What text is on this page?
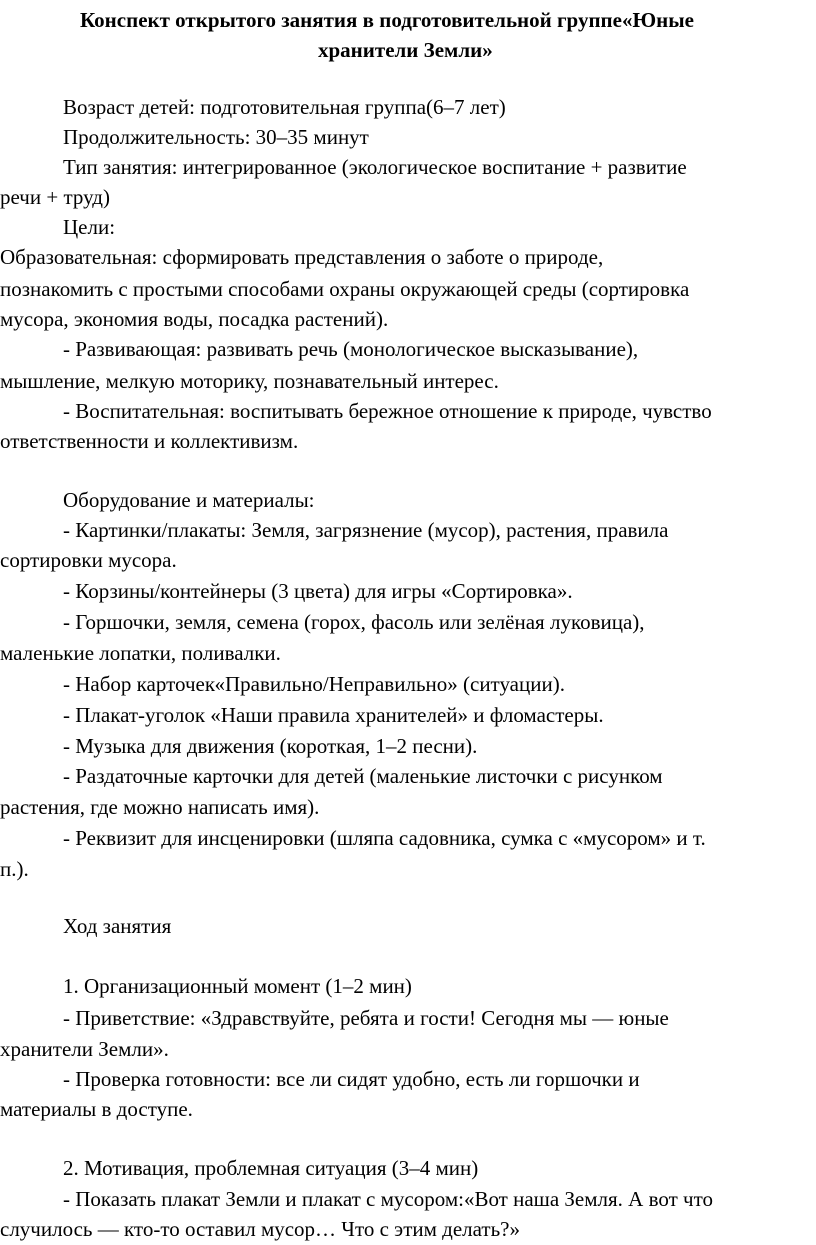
Конспект открытого занятия в подготовительной группе«Юные
хранители Земли»
Возраст детей: подготовительная группа(6–7 лет)
Продолжительность: 30–35 минут
Тип занятия: интегрированное (экологическое воспитание + развитие
речи + труд)
Цели:
Образовательная: сформировать представления о заботе о природе,
познакомить с простыми способами охраны окружающей среды (сортировка
мусора, экономия воды, посадка растений).
- Развивающая: развивать речь (монологическое высказывание),
мышление, мелкую моторику, познавательный интерес.
- Воспитательная: воспитывать бережное отношение к природе, чувство
ответственности и коллективизм.
Оборудование и материалы:
- Картинки/плакаты: Земля, загрязнение (мусор), растения, правила
сортировки мусора.
- Корзины/контейнеры (3 цвета) для игры «Сортировка».
- Горшочки, земля, семена (горох, фасоль или зелёная луковица),
маленькие лопатки, поливалки.
- Набор карточек«Правильно/Неправильно» (ситуации).
- Плакат-уголок «Наши правила хранителей» и фломастеры.
- Музыка для движения (короткая, 1–2 песни).
- Раздаточные карточки для детей (маленькие листочки с рисунком
растения, где можно написать имя).
- Реквизит для инсценировки (шляпа садовника, сумка с «мусором» и т.
п.).
Ход занятия
1. Организационный момент (1–2 мин)
- Приветствие: «Здравствуйте, ребята и гости! Сегодня мы — юные
хранители Земли».
- Проверка готовности: все ли сидят удобно, есть ли горшочки и
материалы в доступе.
2. Мотивация, проблемная ситуация (3–4 мин)
- Показать плакат Земли и плакат с мусором:«Вот наша Земля. А вот что
случилось — кто-то оставил мусор… Что с этим делать?»
